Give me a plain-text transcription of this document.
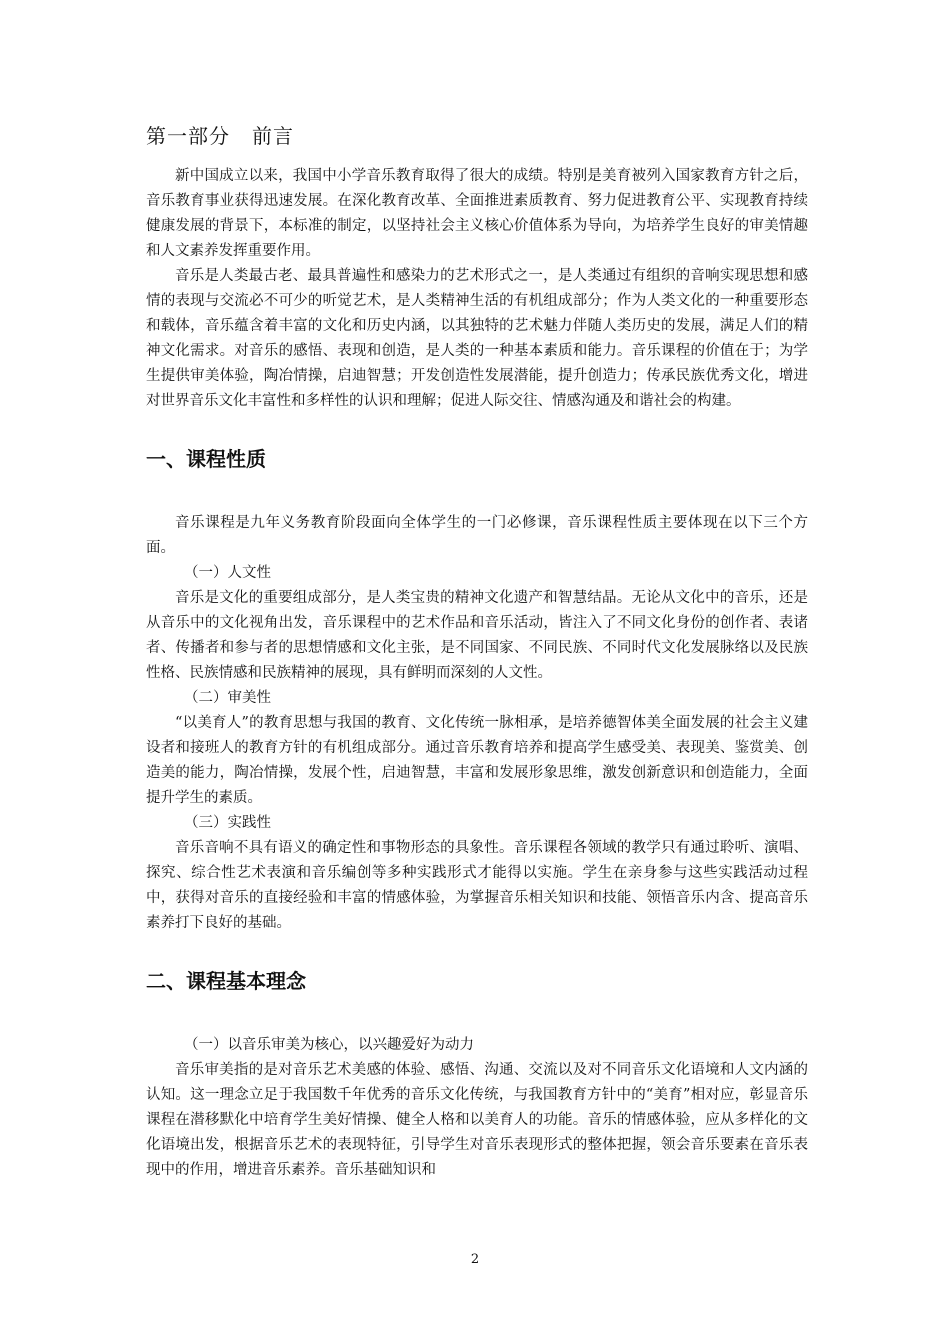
第一部分 前言

新中国成立以来，我国中小学音乐教育取得了很大的成绩。特别是美育被列入国家教育方针之后，音乐教育事业获得迅速发展。在深化教育改革、全面推进素质教育、努力促进教育公平、实现教育持续健康发展的背景下，本标准的制定，以坚持社会主义核心价值体系为导向，为培养学生良好的审美情趣和人文素养发挥重要作用。

音乐是人类最古老、最具普遍性和感染力的艺术形式之一，是人类通过有组织的音响实现思想和感情的表现与交流必不可少的听觉艺术，是人类精神生活的有机组成部分；作为人类文化的一种重要形态和载体，音乐蕴含着丰富的文化和历史内涵，以其独特的艺术魅力伴随人类历史的发展，满足人们的精神文化需求。对音乐的感悟、表现和创造，是人类的一种基本素质和能力。音乐课程的价值在于；为学生提供审美体验，陶冶情操，启迪智慧；开发创造性发展潜能，提升创造力；传承民族优秀文化，增进对世界音乐文化丰富性和多样性的认识和理解；促进人际交往、情感沟通及和谐社会的构建。

一、课程性质

音乐课程是九年义务教育阶段面向全体学生的一门必修课，音乐课程性质主要体现在以下三个方面。

（一）人文性

音乐是文化的重要组成部分，是人类宝贵的精神文化遗产和智慧结晶。无论从文化中的音乐，还是从音乐中的文化视角出发，音乐课程中的艺术作品和音乐活动，皆注入了不同文化身份的创作者、表诸者、传播者和参与者的思想情感和文化主张，是不同国家、不同民族、不同时代文化发展脉络以及民族性格、民族情感和民族精神的展现，具有鲜明而深刻的人文性。

（二）审美性

“以美育人”的教育思想与我国的教育、文化传统一脉相承，是培养德智体美全面发展的社会主义建设者和接班人的教育方针的有机组成部分。通过音乐教育培养和提高学生感受美、表现美、鉴赏美、创造美的能力，陶冶情操，发展个性，启迪智慧，丰富和发展形象思维，激发创新意识和创造能力，全面提升学生的素质。

（三）实践性

音乐音响不具有语义的确定性和事物形态的具象性。音乐课程各领域的教学只有通过聆听、演唱、探究、综合性艺术表演和音乐编创等多种实践形式才能得以实施。学生在亲身参与这些实践活动过程中，获得对音乐的直接经验和丰富的情感体验，为掌握音乐相关知识和技能、领悟音乐内含、提高音乐素养打下良好的基础。

二、课程基本理念

（一）以音乐审美为核心，以兴趣爱好为动力

音乐审美指的是对音乐艺术美感的体验、感悟、沟通、交流以及对不同音乐文化语境和人文内涵的认知。这一理念立足于我国数千年优秀的音乐文化传统，与我国教育方针中的“美育”相对应，彰显音乐课程在潜移默化中培育学生美好情操、健全人格和以美育人的功能。音乐的情感体验，应从多样化的文化语境出发，根据音乐艺术的表现特征，引导学生对音乐表现形式的整体把握，领会音乐要素在音乐表现中的作用，增进音乐素养。音乐基础知识和

2
